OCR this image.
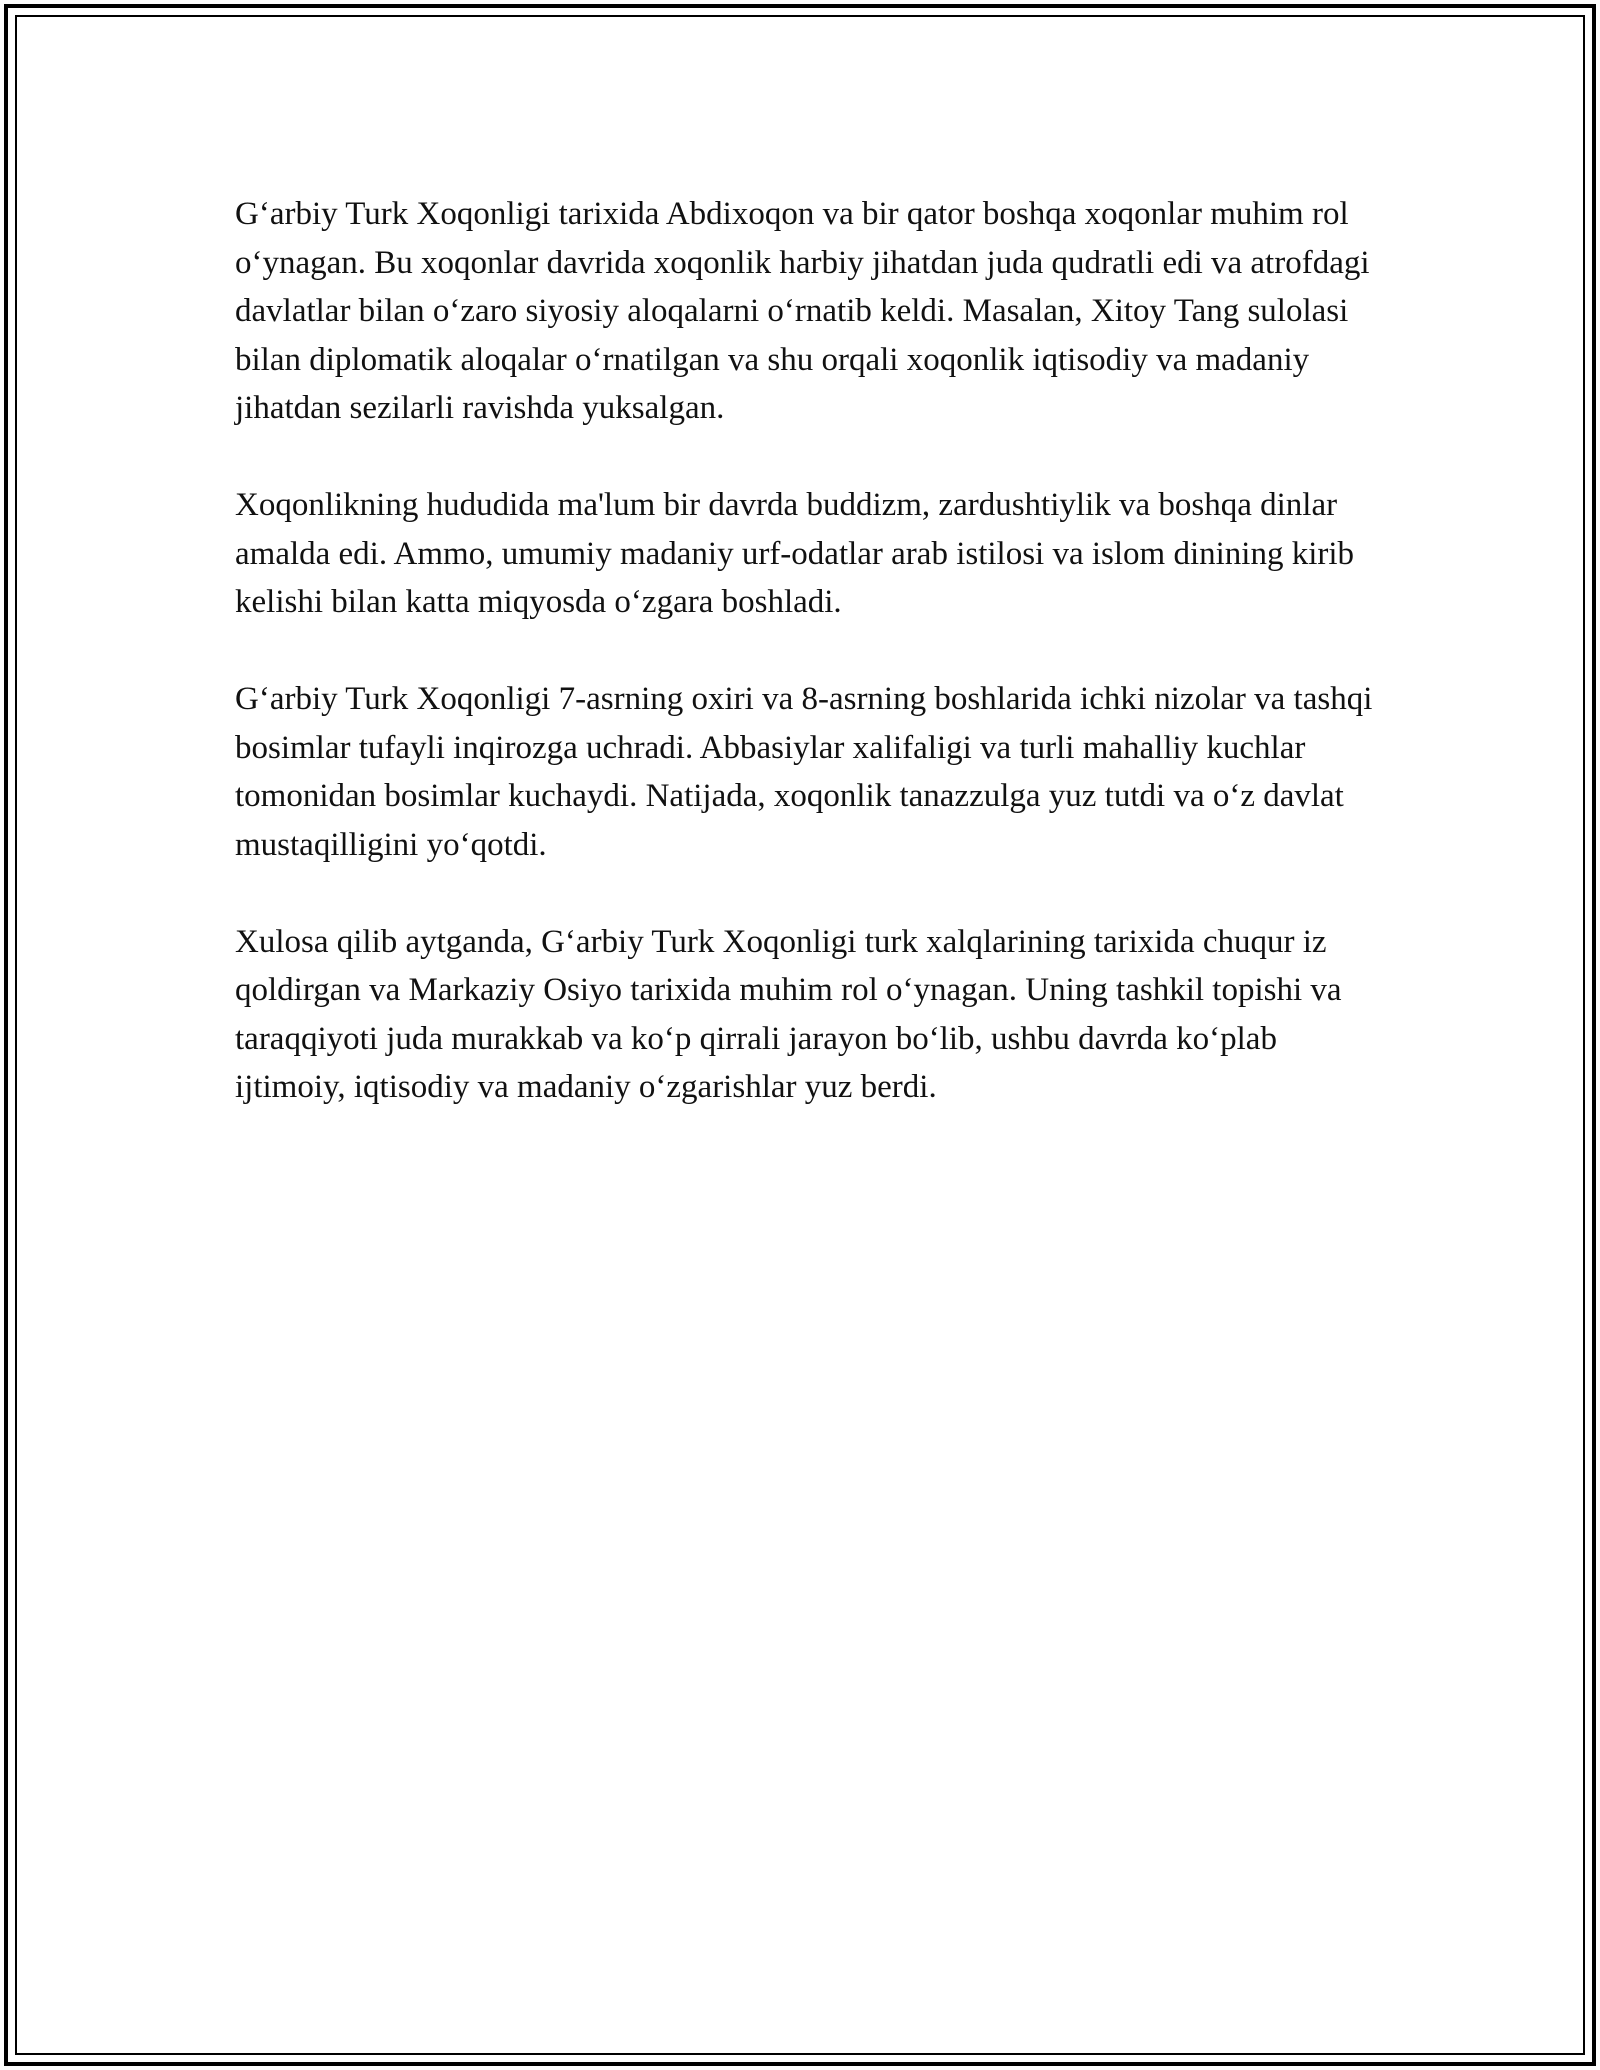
G‘arbiy Turk Xoqonligi tarixida Abdixoqon va bir qator boshqa xoqonlar muhim rol o‘ynagan. Bu xoqonlar davrida xoqonlik harbiy jihatdan juda qudratli edi va atrofdagi davlatlar bilan o‘zaro siyosiy aloqalarni o‘rnatib keldi. Masalan, Xitoy Tang sulolasi bilan diplomatik aloqalar o‘rnatilgan va shu orqali xoqonlik iqtisodiy va madaniy jihatdan sezilarli ravishda yuksalgan.

Xoqonlikning hududida ma'lum bir davrda buddizm, zardushtiylik va boshqa dinlar amalda edi. Ammo, umumiy madaniy urf-odatlar arab istilosi va islom dinining kirib kelishi bilan katta miqyosda o‘zgara boshladi.

G‘arbiy Turk Xoqonligi 7-asrning oxiri va 8-asrning boshlarida ichki nizolar va tashqi bosimlar tufayli inqirozga uchradi. Abbasiylar xalifaligi va turli mahalliy kuchlar tomonidan bosimlar kuchaydi. Natijada, xoqonlik tanazzulga yuz tutdi va o‘z davlat mustaqilligini yo‘qotdi.

Xulosa qilib aytganda, G‘arbiy Turk Xoqonligi turk xalqlarining tarixida chuqur iz qoldirgan va Markaziy Osiyo tarixida muhim rol o‘ynagan. Uning tashkil topishi va taraqqiyoti juda murakkab va ko‘p qirrali jarayon bo‘lib, ushbu davrda ko‘plab ijtimoiy, iqtisodiy va madaniy o‘zgarishlar yuz berdi.
